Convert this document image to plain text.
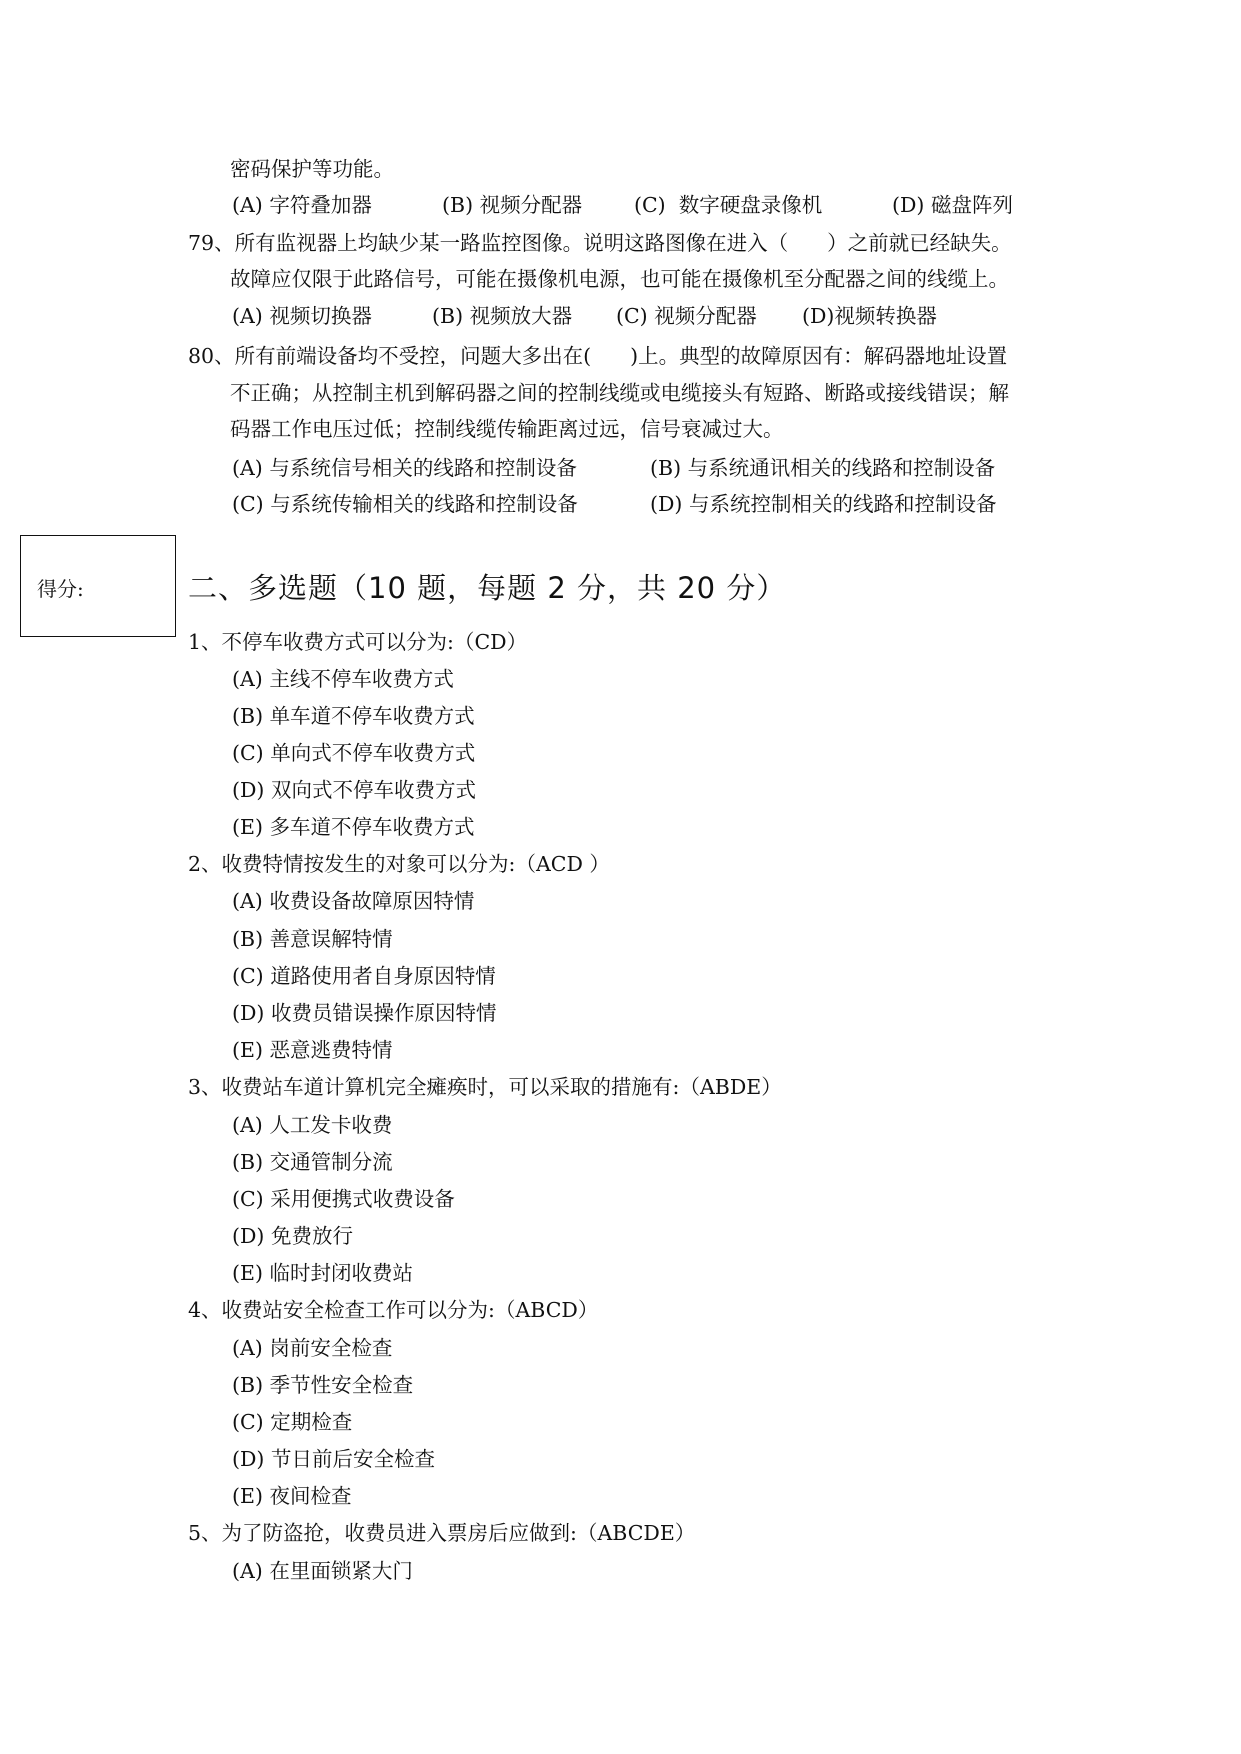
密码保护等功能。
(A) 字符叠加器	(B) 视频分配器	(C)  数字硬盘录像机	(D) 磁盘阵列
79、所有监视器上均缺少某一路监控图像。说明这路图像在进入（      ）之前就已经缺失。
故障应仅限于此路信号，可能在摄像机电源，也可能在摄像机至分配器之间的线缆上。
(A) 视频切换器	(B) 视频放大器 (C) 视频分配器 (D)视频转换器
80、所有前端设备均不受控，问题大多出在(      )上。典型的故障原因有：解码器地址设置
不正确；从控制主机到解码器之间的控制线缆或电缆接头有短路、断路或接线错误；解
码器工作电压过低；控制线缆传输距离过远，信号衰减过大。
(A) 与系统信号相关的线路和控制设备	(B) 与系统通讯相关的线路和控制设备
(C) 与系统传输相关的线路和控制设备	(D) 与系统控制相关的线路和控制设备
得分:	二、多选题（10 题，每题 2 分，共 20 分）
1、不停车收费方式可以分为:（CD）
(A) 主线不停车收费方式
(B) 单车道不停车收费方式
(C) 单向式不停车收费方式
(D) 双向式不停车收费方式
(E) 多车道不停车收费方式
2、收费特情按发生的对象可以分为:（ACD ）
(A) 收费设备故障原因特情
(B) 善意误解特情
(C) 道路使用者自身原因特情
(D) 收费员错误操作原因特情
(E) 恶意逃费特情
3、收费站车道计算机完全瘫痪时，可以采取的措施有:（ABDE）
(A) 人工发卡收费
(B) 交通管制分流
(C) 采用便携式收费设备
(D) 免费放行
(E) 临时封闭收费站
4、收费站安全检查工作可以分为:（ABCD）
(A) 岗前安全检查
(B) 季节性安全检查
(C) 定期检查
(D) 节日前后安全检查
(E) 夜间检查
5、为了防盗抢，收费员进入票房后应做到:（ABCDE）
(A) 在里面锁紧大门
